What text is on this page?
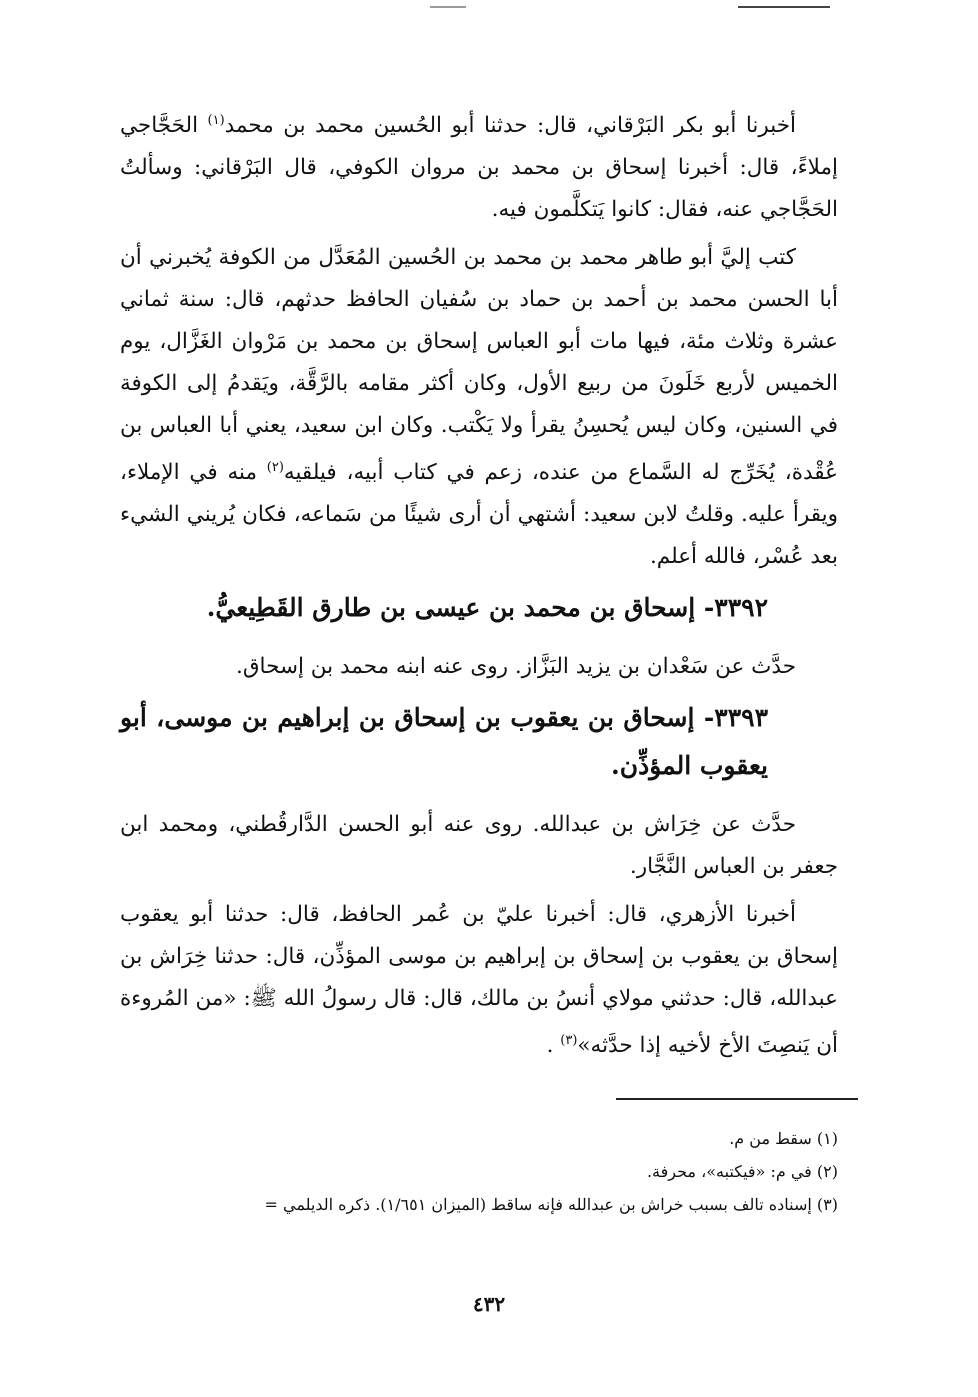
أخبرنا أبو بكر البَرْقاني، قال: حدثنا أبو الحُسين محمد بن محمد$^{(١)}$ الحَجَّاجي إملاءً، قال: أخبرنا إسحاق بن محمد بن مروان الكوفي، قال البَرْقاني: وسألتُ الحَجَّاجي عنه، فقال: كانوا يَتكلَّمون فيه.

كتب إليَّ أبو طاهر محمد بن محمد بن الحُسين المُعَدَّل من الكوفة يُخبرني أن أبا الحسن محمد بن أحمد بن حماد بن سُفيان الحافظ حدثهم، قال: سنة ثماني عشرة وثلاث مئة، فيها مات أبو العباس إسحاق بن محمد بن مَرْوان الغَزَّال، يوم الخميس لأربع خَلَونَ من ربيع الأول، وكان أكثر مقامه بالرَّقَّة، ويَقدمُ إلى الكوفة في السنين، وكان ليس يُحسِنُ يقرأ ولا يَكْتب. وكان ابن سعيد، يعني أبا العباس بن عُقْدة، يُخَرِّج له السَّماع من عنده، زعم في كتاب أبيه، فيلقيه$^{(٢)}$ منه في الإملاء، ويقرأ عليه. وقلتُ لابن سعيد: أشتهي أن أرى شيئًا من سَماعه، فكان يُريني الشيء بعد عُسْر، فالله أعلم.

٣٣٩٢- إسحاق بن محمد بن عيسى بن طارق القَطِيعيُّ.

حدَّث عن سَعْدان بن يزيد البَزَّاز. روى عنه ابنه محمد بن إسحاق.

٣٣٩٣- إسحاق بن يعقوب بن إسحاق بن إبراهيم بن موسى، أبو يعقوب المؤذِّن.

حدَّث عن خِرَاش بن عبدالله. روى عنه أبو الحسن الدَّارقُطني، ومحمد ابن جعفر بن العباس النَّجَّار.

أخبرنا الأزهري، قال: أخبرنا عليّ بن عُمر الحافظ، قال: حدثنا أبو يعقوب إسحاق بن يعقوب بن إسحاق بن إبراهيم بن موسى المؤذِّن، قال: حدثنا خِرَاش بن عبدالله، قال: حدثني مولاي أنسُ بن مالك، قال: قال رسولُ الله ﷺ: «من المُروءة أن يَنصِتَ الأخ لأخيه إذا حدَّثه»$^{(٣)}$ .

(١) سقط من م.

(٢) في م: «فيكتبه»، محرفة.

(٣) إسناده تالف بسبب خراش بن عبدالله فإنه ساقط (الميزان ١/٦٥١). ذكره الديلمي =

٤٣٢
